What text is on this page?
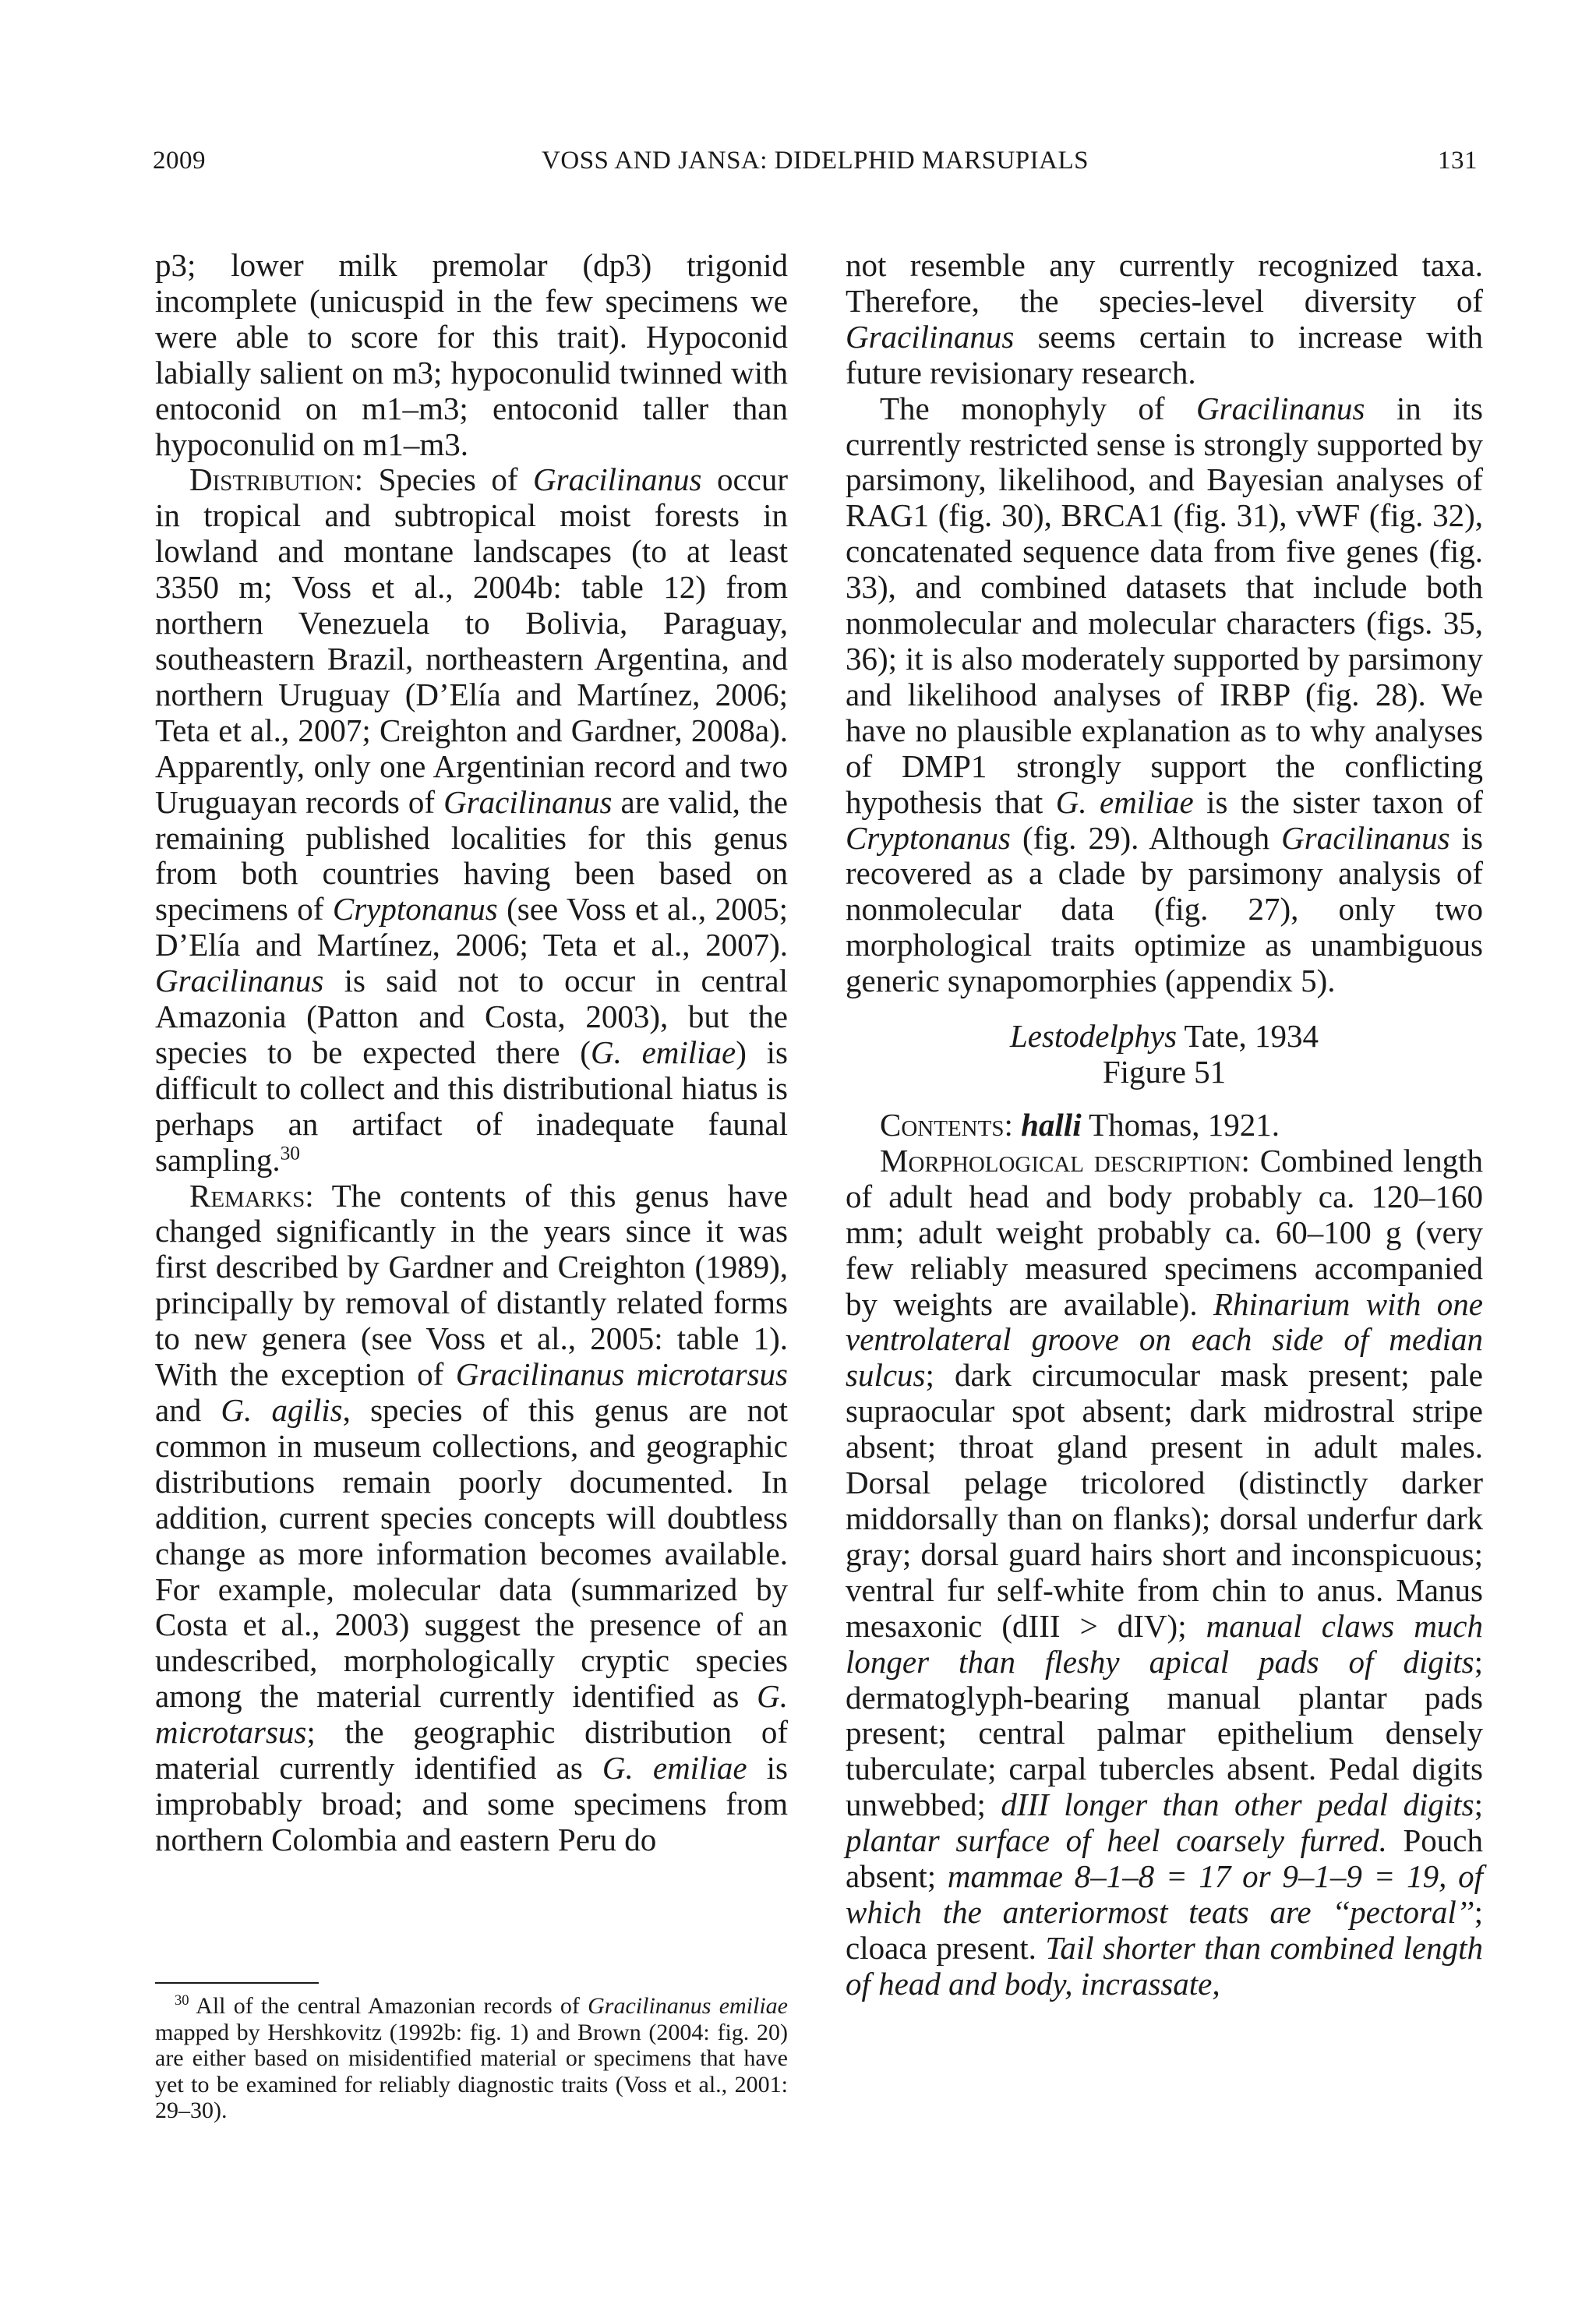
2009	VOSS AND JANSA: DIDELPHID MARSUPIALS	131

p3; lower milk premolar (dp3) trigonid incomplete (unicuspid in the few specimens we were able to score for this trait). Hypoconid labially salient on m3; hypoconulid twinned with entoconid on m1–m3; entoconid taller than hypoconulid on m1–m3.

Distribution: Species of Gracilinanus occur in tropical and subtropical moist forests in lowland and montane landscapes (to at least 3350 m; Voss et al., 2004b: table 12) from northern Venezuela to Bolivia, Paraguay, southeastern Brazil, northeastern Argentina, and northern Uruguay (D’Elía and Martínez, 2006; Teta et al., 2007; Creighton and Gardner, 2008a). Apparently, only one Argentinian record and two Uruguayan records of Gracilinanus are valid, the remaining published localities for this genus from both countries having been based on specimens of Cryptonanus (see Voss et al., 2005; D’Elía and Martínez, 2006; Teta et al., 2007). Gracilinanus is said not to occur in central Amazonia (Patton and Costa, 2003), but the species to be expected there (G. emiliae) is difficult to collect and this distributional hiatus is perhaps an artifact of inadequate faunal sampling.$^{30}$

Remarks: The contents of this genus have changed significantly in the years since it was first described by Gardner and Creighton (1989), principally by removal of distantly related forms to new genera (see Voss et al., 2005: table 1). With the exception of Gracilinanus microtarsus and G. agilis, species of this genus are not common in museum collections, and geographic distributions remain poorly documented. In addition, current species concepts will doubtless change as more information becomes available. For example, molecular data (summarized by Costa et al., 2003) suggest the presence of an undescribed, morphologically cryptic species among the material currently identified as G. microtarsus; the geographic distribution of material currently identified as G. emiliae is improbably broad; and some specimens from northern Colombia and eastern Peru do

not resemble any currently recognized taxa. Therefore, the species-level diversity of Gracilinanus seems certain to increase with future revisionary research.

The monophyly of Gracilinanus in its currently restricted sense is strongly supported by parsimony, likelihood, and Bayesian analyses of RAG1 (fig. 30), BRCA1 (fig. 31), vWF (fig. 32), concatenated sequence data from five genes (fig. 33), and combined datasets that include both nonmolecular and molecular characters (figs. 35, 36); it is also moderately supported by parsimony and likelihood analyses of IRBP (fig. 28). We have no plausible explanation as to why analyses of DMP1 strongly support the conflicting hypothesis that G. emiliae is the sister taxon of Cryptonanus (fig. 29). Although Gracilinanus is recovered as a clade by parsimony analysis of nonmolecular data (fig. 27), only two morphological traits optimize as unambiguous generic synapomorphies (appendix 5).

Lestodelphys Tate, 1934
Figure 51

Contents: halli Thomas, 1921.

Morphological description: Combined length of adult head and body probably ca. 120–160 mm; adult weight probably ca. 60–100 g (very few reliably measured specimens accompanied by weights are available). Rhinarium with one ventrolateral groove on each side of median sulcus; dark circumocular mask present; pale supraocular spot absent; dark midrostral stripe absent; throat gland present in adult males. Dorsal pelage tricolored (distinctly darker middorsally than on flanks); dorsal underfur dark gray; dorsal guard hairs short and inconspicuous; ventral fur self-white from chin to anus. Manus mesaxonic (dIII > dIV); manual claws much longer than fleshy apical pads of digits; dermatoglyph-bearing manual plantar pads present; central palmar epithelium densely tuberculate; carpal tubercles absent. Pedal digits unwebbed; dIII longer than other pedal digits; plantar surface of heel coarsely furred. Pouch absent; mammae 8–1–8 = 17 or 9–1–9 = 19, of which the anteriormost teats are ‘‘pectoral’’; cloaca present. Tail shorter than combined length of head and body, incrassate,

$^{30}$ All of the central Amazonian records of Gracilinanus emiliae mapped by Hershkovitz (1992b: fig. 1) and Brown (2004: fig. 20) are either based on misidentified material or specimens that have yet to be examined for reliably diagnostic traits (Voss et al., 2001: 29–30).
